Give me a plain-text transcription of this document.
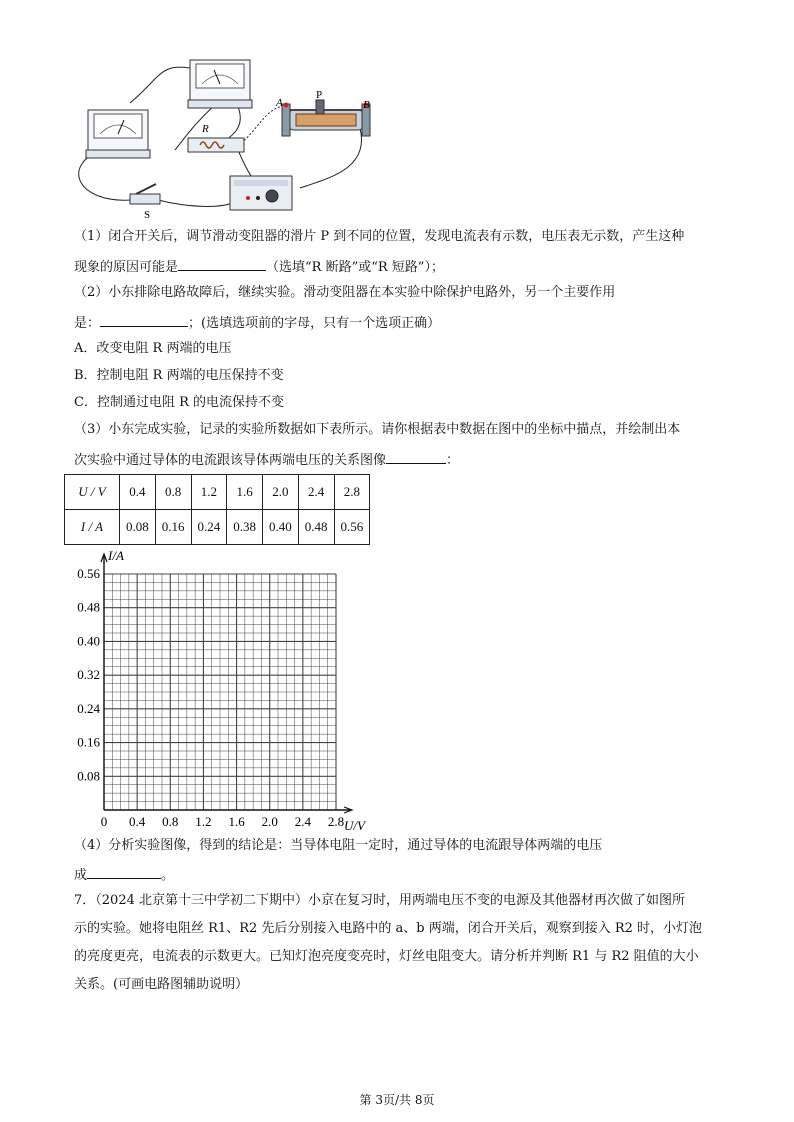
R
A
P
B
S
（1）闭合开关后，调节滑动变阻器的滑片 P 到不同的位置，发现电流表有示数，电压表无示数，产生这种
现象的原因可能是	（选填“R 断路”或“R 短路”）；
（2）小东排除电路故障后，继续实验。滑动变阻器在本实验中除保护电路外，另一个主要作用
是：	；(选填选项前的字母，只有一个选项正确）
A．改变电阻 R 两端的电压
B．控制电阻 R 两端的电压保持不变
C．控制通过电阻 R 的电流保持不变
（3）小东完成实验，记录的实验所数据如下表所示。请你根据表中数据在图中的坐标中描点，并绘制出本
次实验中通过导体的电流跟该导体两端电压的关系图像	：
U / V	0.4	0.8	1.2	1.6	2.0	2.4	2.8
I / A	0.08	0.16	0.24	0.38	0.40	0.48	0.56
0 0.4 0.8 1.2 1.6 2.0 2.4 2.8
0.08
0.16
0.24
0.32
0.40
0.48
0.56
I/A
U/V
（4）分析实验图像，得到的结论是：当导体电阻一定时，通过导体的电流跟导体两端的电压
成	。
7．（2024 北京第十三中学初二下期中）小京在复习时，用两端电压不变的电源及其他器材再次做了如图所
示的实验。她将电阻丝 R1、R2 先后分别接入电路中的 a、b 两端，闭合开关后，观察到接入 R2 时，小灯泡
的亮度更亮，电流表的示数更大。已知灯泡亮度变亮时，灯丝电阻变大。请分析并判断 R1 与 R2 阻值的大小
关系。(可画电路图辅助说明）
第 3页/共 8页
